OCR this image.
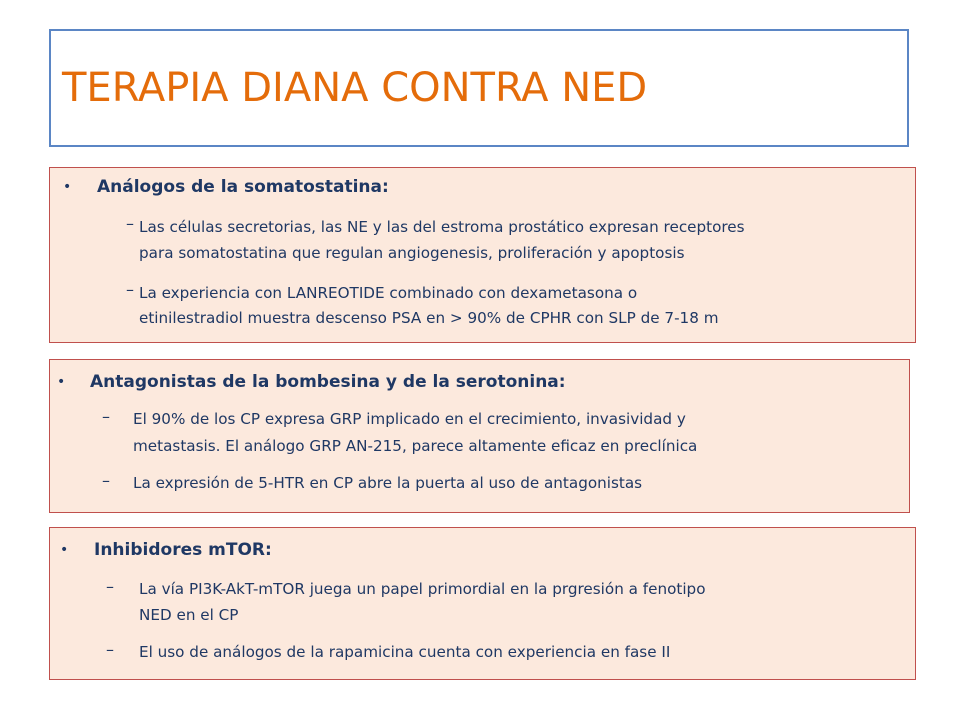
TERAPIA DIANA CONTRA NED
• Análogos de la somatostatina:
– Las células secretorias, las NE y las del estroma prostático expresan receptores
para somatostatina que regulan angiogenesis, proliferación y apoptosis
– La experiencia con LANREOTIDE combinado con dexametasona o
etinilestradiol muestra descenso PSA en > 90% de CPHR con SLP de 7-18 m
• Antagonistas de la bombesina y de la serotonina:
– El 90% de los CP expresa GRP implicado en el crecimiento, invasividad y
metastasis. El análogo GRP AN-215, parece altamente eficaz en preclínica
– La expresión de 5-HTR en CP abre la puerta al uso de antagonistas
• Inhibidores mTOR:
– La vía PI3K-AkT-mTOR juega un papel primordial en la prgresión a fenotipo
NED en el CP
– El uso de análogos de la rapamicina cuenta con experiencia en fase II
